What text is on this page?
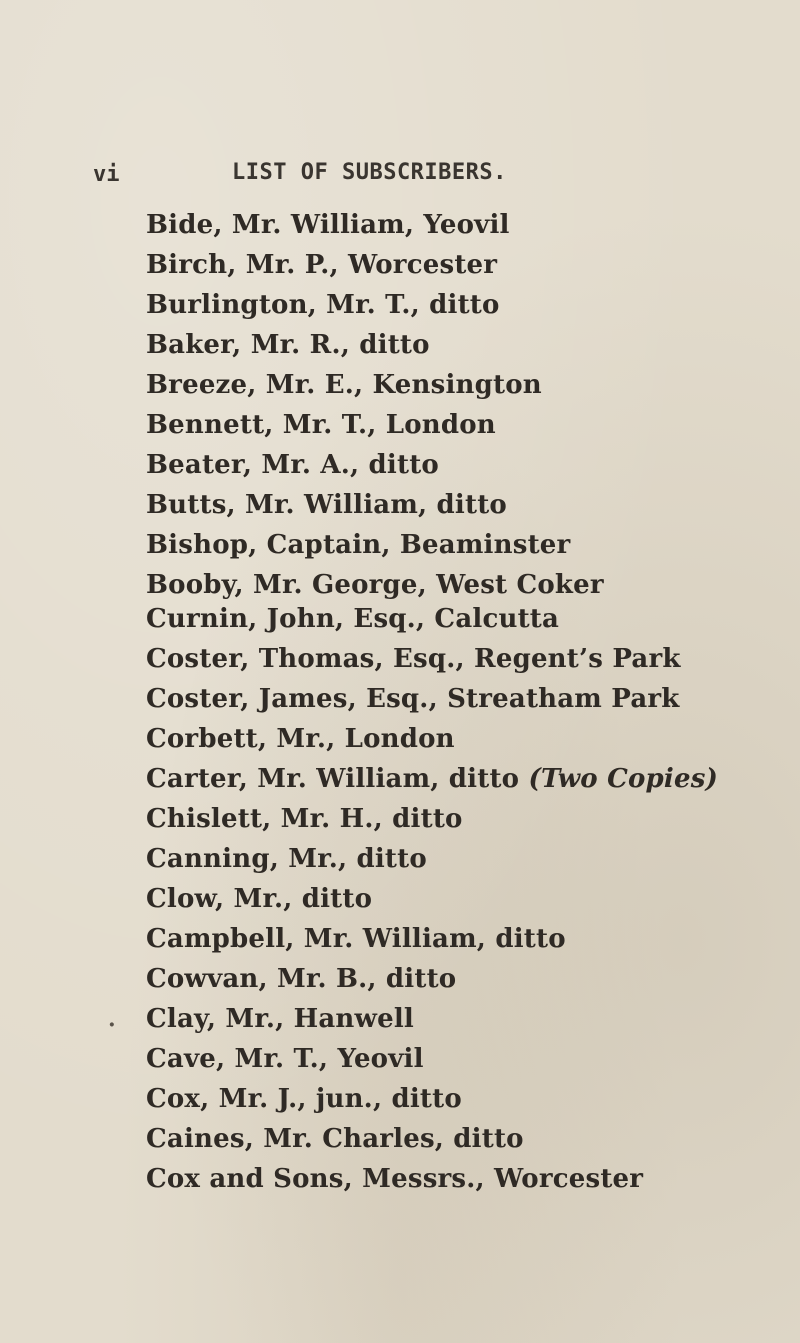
vi	LIST OF SUBSCRIBERS.
Bide, Mr. William, Yeovil
Birch, Mr. P., Worcester
Burlington, Mr. T., ditto
Baker, Mr. R., ditto
Breeze, Mr. E., Kensington
Bennett, Mr. T., London
Beater, Mr. A., ditto
Butts, Mr. William, ditto
Bishop, Captain, Beaminster
Booby, Mr. George, West Coker
Curnin, John, Esq., Calcutta
Coster, Thomas, Esq., Regent’s Park
Coster, James, Esq., Streatham Park
Corbett, Mr., London
Carter, Mr. William, ditto (Two Copies)
Chislett, Mr. H., ditto
Canning, Mr., ditto
Clow, Mr., ditto
Campbell, Mr. William, ditto
Cowvan, Mr. B., ditto
Clay, Mr., Hanwell
Cave, Mr. T., Yeovil
Cox, Mr. J., jun., ditto
Caines, Mr. Charles, ditto
Cox and Sons, Messrs., Worcester
·
